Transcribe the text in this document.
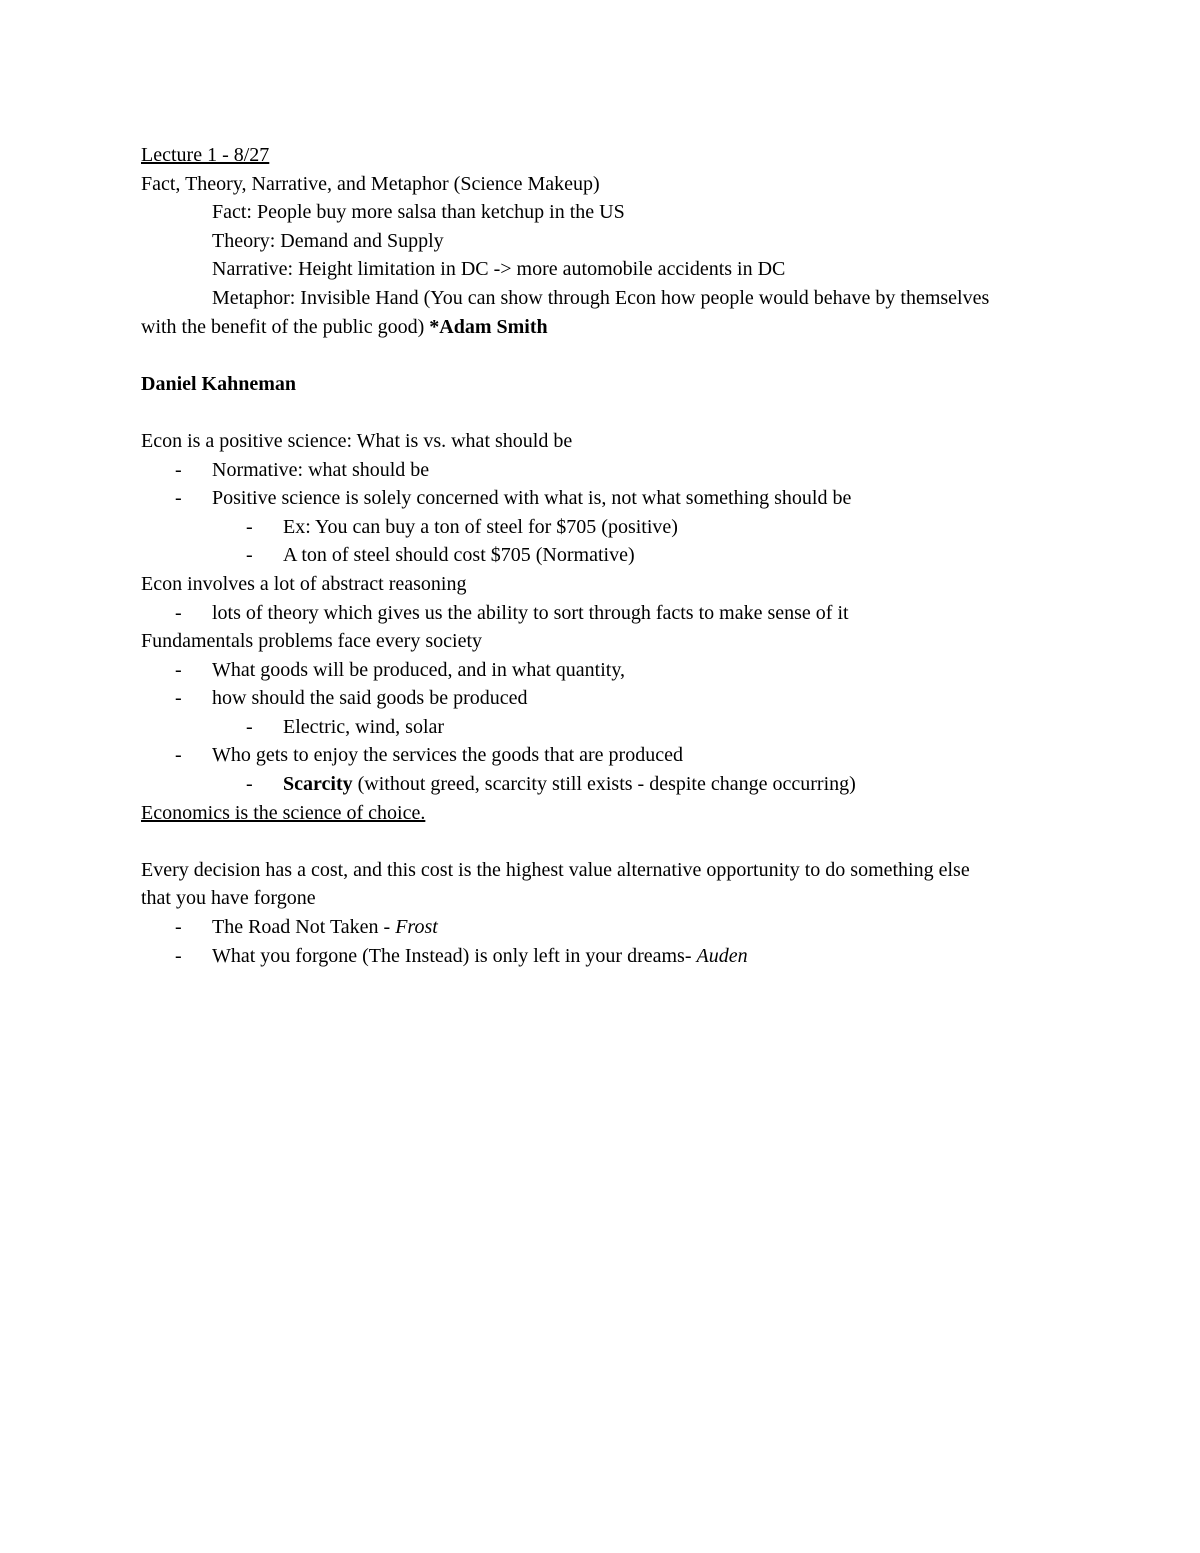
Lecture 1 - 8/27
Fact, Theory, Narrative, and Metaphor (Science Makeup)
Fact: People buy more salsa than ketchup in the US
Theory: Demand and Supply
Narrative: Height limitation in DC -> more automobile accidents in DC
Metaphor: Invisible Hand (You can show through Econ how people would behave by themselves
with the benefit of the public good) *Adam Smith
Daniel Kahneman
Econ is a positive science: What is vs. what should be
- Normative: what should be
- Positive science is solely concerned with what is, not what something should be
- Ex: You can buy a ton of steel for $705 (positive)
- A ton of steel should cost $705 (Normative)
Econ involves a lot of abstract reasoning
- lots of theory which gives us the ability to sort through facts to make sense of it
Fundamentals problems face every society
- What goods will be produced, and in what quantity,
- how should the said goods be produced
- Electric, wind, solar
- Who gets to enjoy the services the goods that are produced
- Scarcity (without greed, scarcity still exists - despite change occurring)
Economics is the science of choice.
Every decision has a cost, and this cost is the highest value alternative opportunity to do something else
that you have forgone
- The Road Not Taken - Frost
- What you forgone (The Instead) is only left in your dreams- Auden
